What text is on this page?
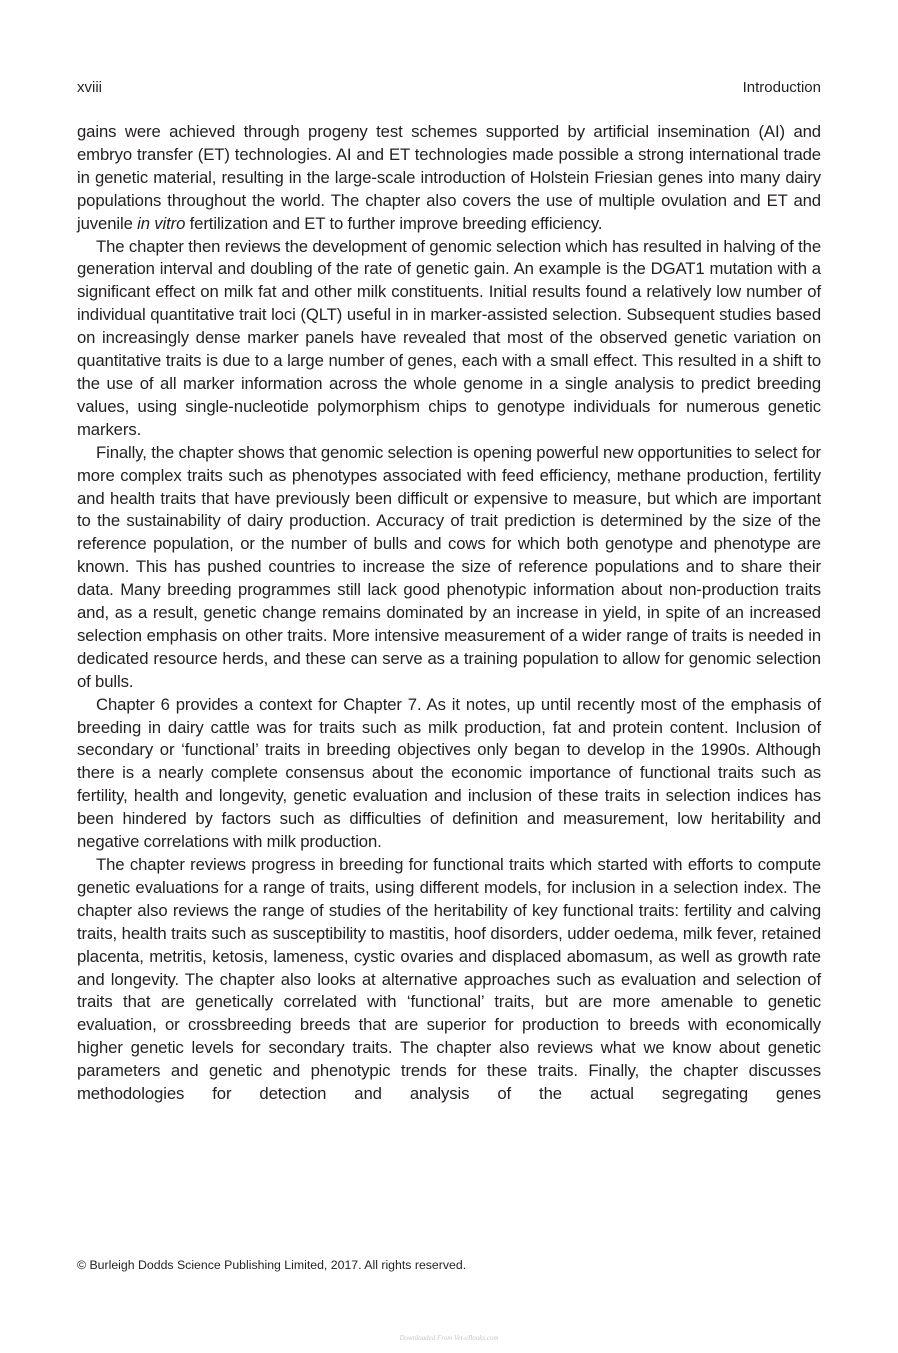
xviii	Introduction

gains were achieved through progeny test schemes supported by artificial insemination (AI) and embryo transfer (ET) technologies. AI and ET technologies made possible a strong international trade in genetic material, resulting in the large-scale introduction of Holstein Friesian genes into many dairy populations throughout the world. The chapter also covers the use of multiple ovulation and ET and juvenile in vitro fertilization and ET to further improve breeding efficiency.

The chapter then reviews the development of genomic selection which has resulted in halving of the generation interval and doubling of the rate of genetic gain. An example is the DGAT1 mutation with a significant effect on milk fat and other milk constituents. Initial results found a relatively low number of individual quantitative trait loci (QLT) useful in in marker-assisted selection. Subsequent studies based on increasingly dense marker panels have revealed that most of the observed genetic variation on quantitative traits is due to a large number of genes, each with a small effect. This resulted in a shift to the use of all marker information across the whole genome in a single analysis to predict breeding values, using single-nucleotide polymorphism chips to genotype individuals for numerous genetic markers.

Finally, the chapter shows that genomic selection is opening powerful new opportunities to select for more complex traits such as phenotypes associated with feed efficiency, methane production, fertility and health traits that have previously been difficult or expensive to measure, but which are important to the sustainability of dairy production. Accuracy of trait prediction is determined by the size of the reference population, or the number of bulls and cows for which both genotype and phenotype are known. This has pushed countries to increase the size of reference populations and to share their data. Many breeding programmes still lack good phenotypic information about non-production traits and, as a result, genetic change remains dominated by an increase in yield, in spite of an increased selection emphasis on other traits. More intensive measurement of a wider range of traits is needed in dedicated resource herds, and these can serve as a training population to allow for genomic selection of bulls.

Chapter 6 provides a context for Chapter 7. As it notes, up until recently most of the emphasis of breeding in dairy cattle was for traits such as milk production, fat and protein content. Inclusion of secondary or ‘functional’ traits in breeding objectives only began to develop in the 1990s. Although there is a nearly complete consensus about the economic importance of functional traits such as fertility, health and longevity, genetic evaluation and inclusion of these traits in selection indices has been hindered by factors such as difficulties of definition and measurement, low heritability and negative correlations with milk production.

The chapter reviews progress in breeding for functional traits which started with efforts to compute genetic evaluations for a range of traits, using different models, for inclusion in a selection index. The chapter also reviews the range of studies of the heritability of key functional traits: fertility and calving traits, health traits such as susceptibility to mastitis, hoof disorders, udder oedema, milk fever, retained placenta, metritis, ketosis, lameness, cystic ovaries and displaced abomasum, as well as growth rate and longevity. The chapter also looks at alternative approaches such as evaluation and selection of traits that are genetically correlated with ‘functional’ traits, but are more amenable to genetic evaluation, or crossbreeding breeds that are superior for production to breeds with economically higher genetic levels for secondary traits. The chapter also reviews what we know about genetic parameters and genetic and phenotypic trends for these traits. Finally, the chapter discusses methodologies for detection and analysis of the actual segregating genes

© Burleigh Dodds Science Publishing Limited, 2017. All rights reserved.
Downloaded From Vet-eBooks.com
